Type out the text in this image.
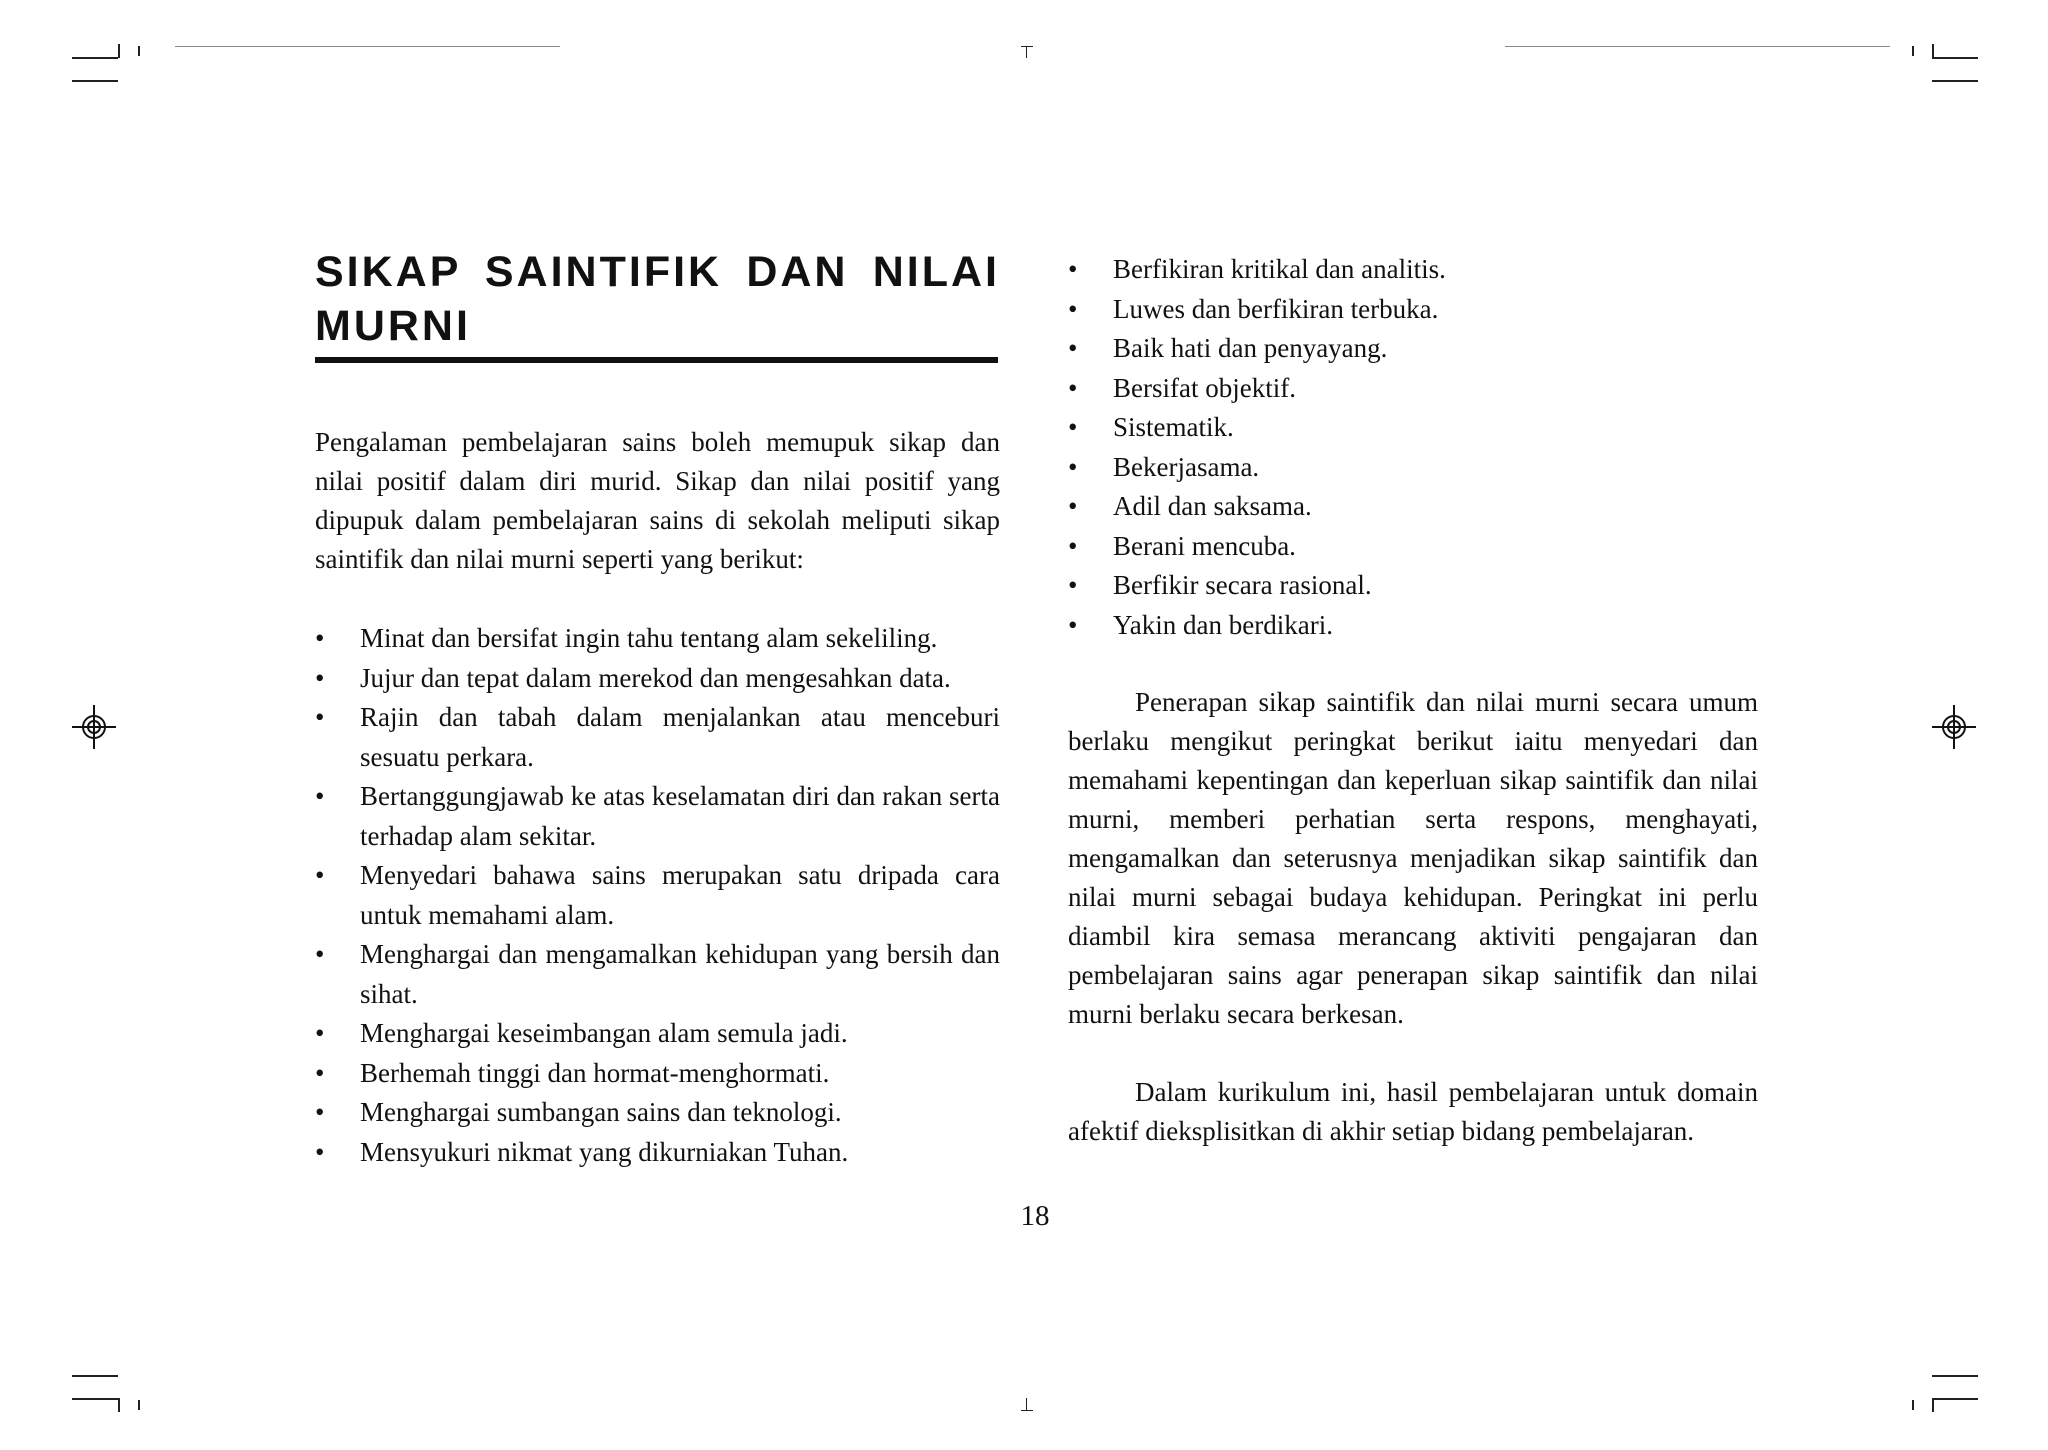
SIKAP SAINTIFIK DAN NILAI
MURNI

Pengalaman pembelajaran sains boleh memupuk sikap dan nilai positif dalam diri murid. Sikap dan nilai positif yang dipupuk dalam pembelajaran sains di sekolah meliputi sikap saintifik dan nilai murni seperti yang berikut:

•	Minat dan bersifat ingin tahu tentang alam sekeliling.
•	Jujur dan tepat dalam merekod dan mengesahkan data.
•	Rajin dan tabah dalam menjalankan atau menceburi sesuatu perkara.
•	Bertanggungjawab ke atas keselamatan diri dan rakan serta terhadap alam sekitar.
•	Menyedari bahawa sains merupakan satu dripada cara untuk memahami alam.
•	Menghargai dan mengamalkan kehidupan yang bersih dan sihat.
•	Menghargai keseimbangan alam semula jadi.
•	Berhemah tinggi dan hormat-menghormati.
•	Menghargai sumbangan sains dan teknologi.
•	Mensyukuri nikmat yang dikurniakan Tuhan.
•	Berfikiran kritikal dan analitis.
•	Luwes dan berfikiran terbuka.
•	Baik hati dan penyayang.
•	Bersifat objektif.
•	Sistematik.
•	Bekerjasama.
•	Adil dan saksama.
•	Berani mencuba.
•	Berfikir secara rasional.
•	Yakin dan berdikari.

Penerapan sikap saintifik dan nilai murni secara umum berlaku mengikut peringkat berikut iaitu menyedari dan memahami kepentingan dan keperluan sikap saintifik dan nilai murni, memberi perhatian serta respons, menghayati, mengamalkan dan seterusnya menjadikan sikap saintifik dan nilai murni sebagai budaya kehidupan. Peringkat ini perlu diambil kira semasa merancang aktiviti pengajaran dan pembelajaran sains agar penerapan sikap saintifik dan nilai murni berlaku secara berkesan.

Dalam kurikulum ini, hasil pembelajaran untuk domain afektif dieksplisitkan di akhir setiap bidang pembelajaran.

18
